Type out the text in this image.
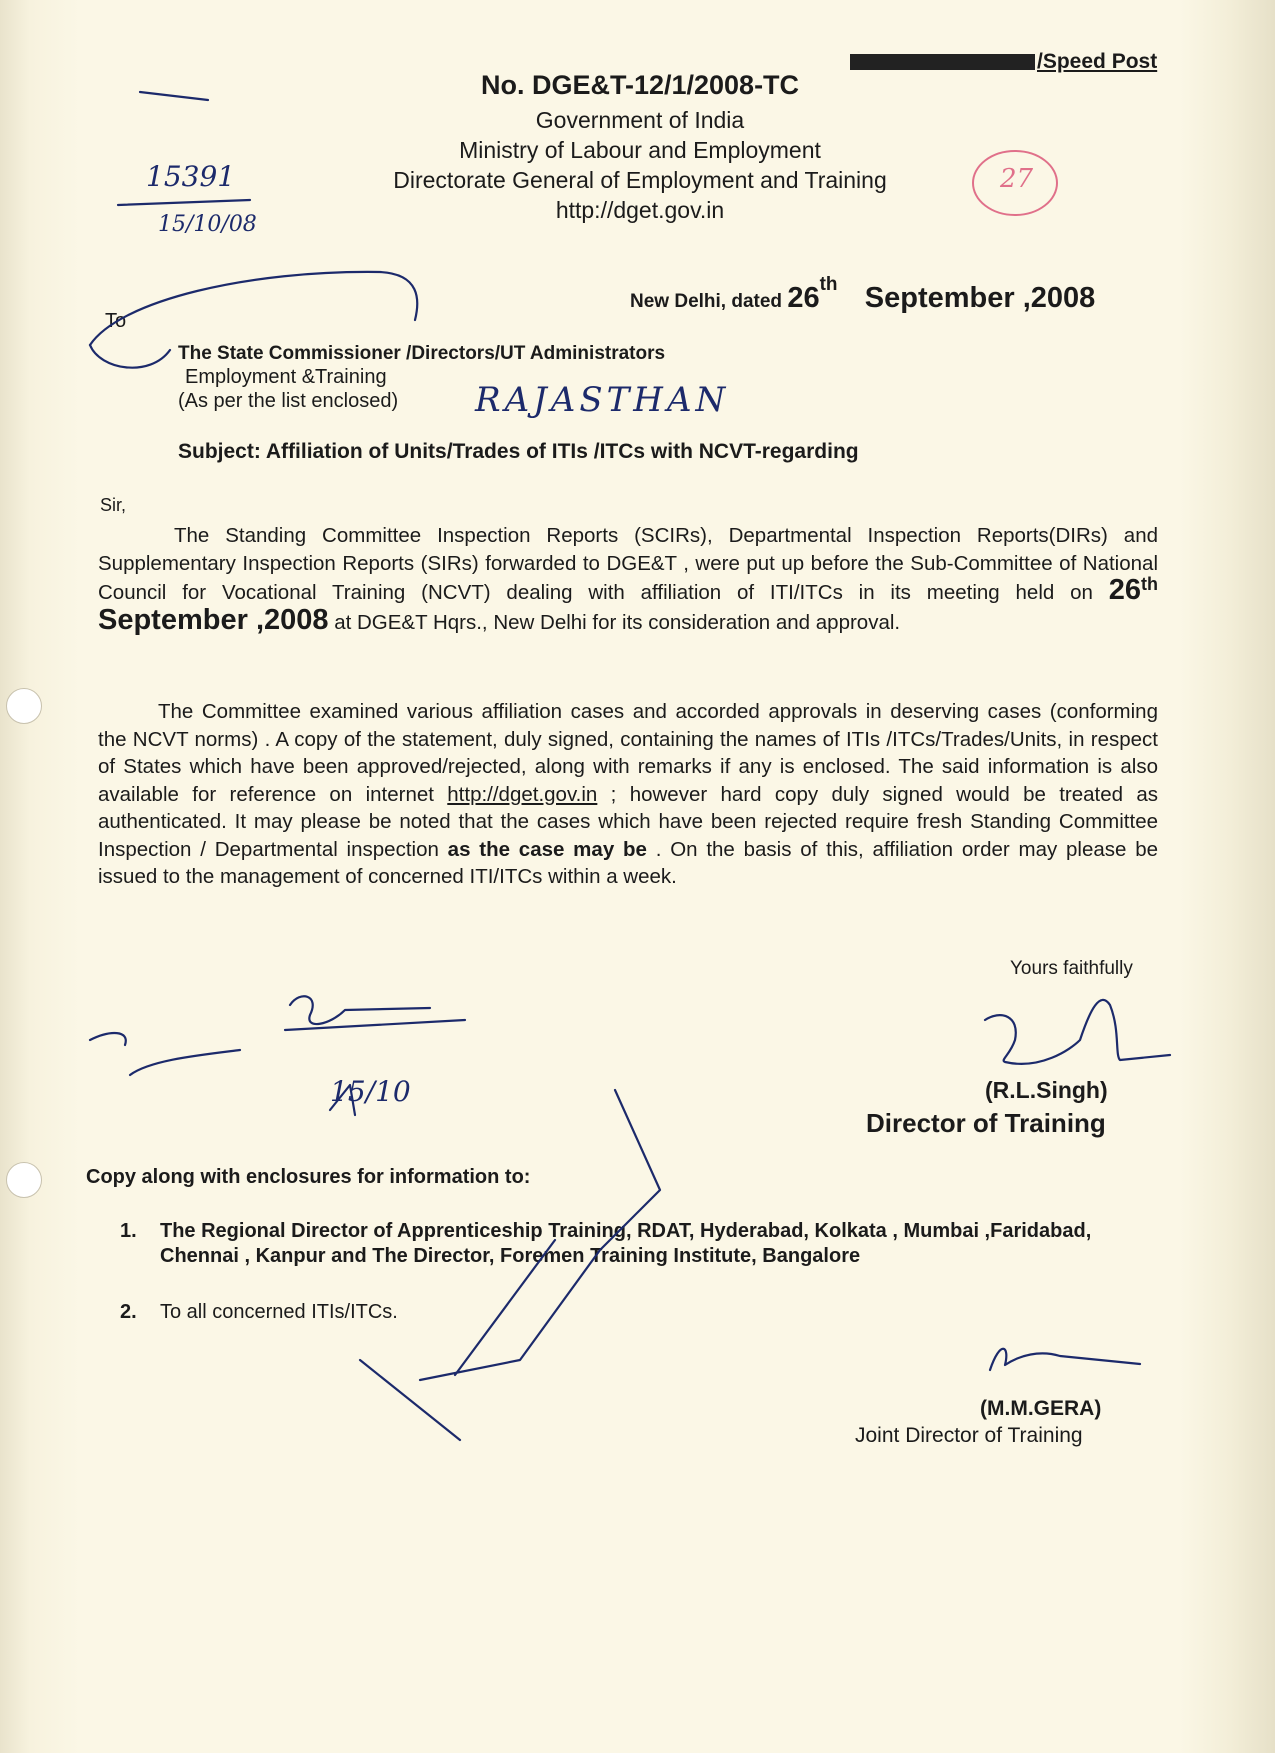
/Speed Post
No. DGE&T-12/1/2008-TC
Government of India
Ministry of Labour and Employment
Directorate General of Employment and Training
http://dget.gov.in
New Delhi, dated 26th September ,2008
To
The State Commissioner /Directors/UT Administrators
Employment &Training
(As per the list enclosed)
Subject: Affiliation of Units/Trades of ITIs /ITCs with NCVT-regarding
Sir,
The Standing Committee Inspection Reports (SCIRs), Departmental Inspection Reports(DIRs) and Supplementary Inspection Reports (SIRs) forwarded to DGE&T , were put up before the Sub-Committee of National Council for Vocational Training (NCVT) dealing with affiliation of ITI/ITCs in its meeting held on 26th September ,2008 at DGE&T Hqrs., New Delhi for its consideration and approval.
The Committee examined various affiliation cases and accorded approvals in deserving cases (conforming the NCVT norms) . A copy of the statement, duly signed, containing the names of ITIs /ITCs/Trades/Units, in respect of States which have been approved/rejected, along with remarks if any is enclosed. The said information is also available for reference on internet http://dget.gov.in ; however hard copy duly signed would be treated as authenticated. It may please be noted that the cases which have been rejected require fresh Standing Committee Inspection / Departmental inspection as the case may be . On the basis of this, affiliation order may please be issued to the management of concerned ITI/ITCs within a week.
Yours faithfully
(R.L.Singh)
Director of Training
Copy along with enclosures for information to:
1. The Regional Director of Apprenticeship Training, RDAT, Hyderabad, Kolkata , Mumbai ,Faridabad, Chennai , Kanpur and The Director, Foremen Training Institute, Bangalore
2. To all concerned ITIs/ITCs.
(M.M.GERA)
Joint Director of Training
15391
15/10/08
27
RAJASTHAN
15/10
